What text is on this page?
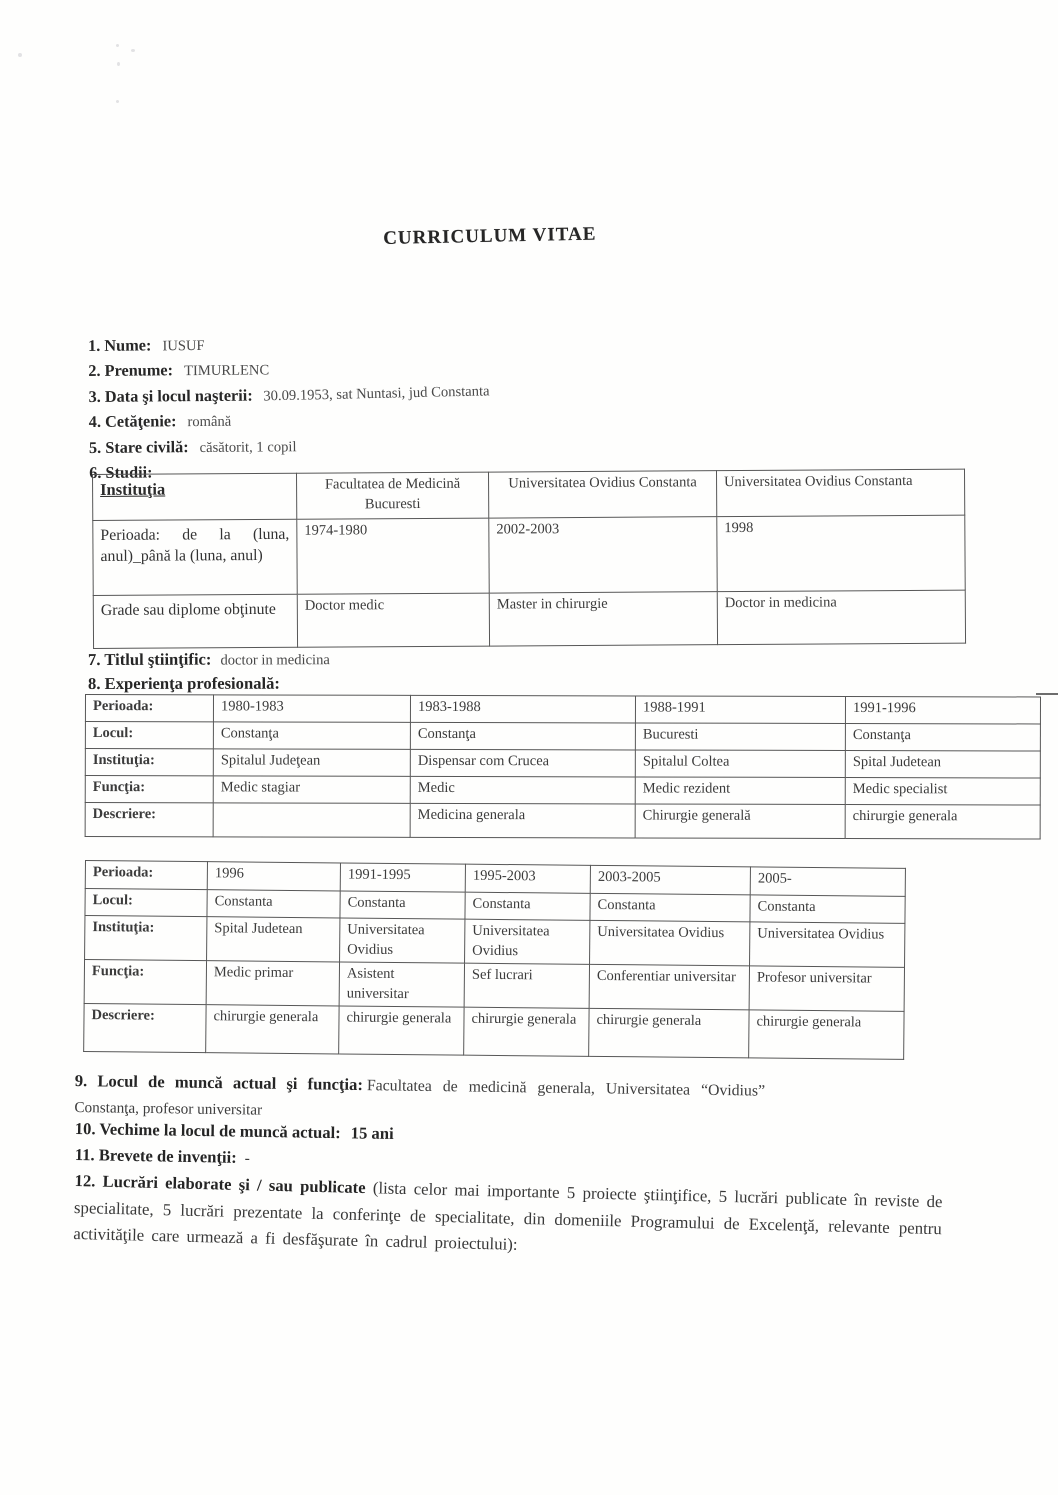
CURRICULUM VITAE
1. Nume: IUSUF
2. Prenume: TIMURLENC
3. Data şi locul naşterii: 30.09.1953, sat Nuntasi, jud Constanta
4. Cetăţenie: română
5. Stare civilă: căsătorit, 1 copil
6. Studii:
Instituţia	Facultatea de Medicină Bucuresti	Universitatea Ovidius Constanta	Universitatea Ovidius Constanta
Perioada: de la (luna, anul)_până la (luna, anul)	1974-1980	2002-2003	1998
Grade sau diplome obţinute	Doctor medic	Master in chirurgie	Doctor in medicina

7. Titlul ştiinţific: doctor in medicina

8. Experienţa profesională:

Perioada:	1980-1983	1983-1988	1988-1991	1991-1996
Locul:	Constanţa	Constanţa	Bucuresti	Constanţa
Instituţia:	Spitalul Judeţean	Dispensar com Crucea	Spitalul Coltea	Spital Judetean
Funcţia:	Medic stagiar	Medic	Medic rezident	Medic specialist
Descriere:		Medicina generala	Chirurgie generală	chirurgie generala
Perioada:	1996	1991-1995	1995-2003	2003-2005	2005-
Locul:	Constanta	Constanta	Constanta	Constanta	Constanta
Instituţia:	Spital Judetean	Universitatea Ovidius	Universitatea Ovidius	Universitatea Ovidius	Universitatea Ovidius
Funcţia:	Medic primar	Asistent universitar	Sef lucrari	Conferentiar universitar	Profesor universitar
Descriere:	chirurgie generala	chirurgie generala	chirurgie generala	chirurgie generala	chirurgie generala

9. Locul de muncă actual şi funcţia: Facultatea de medicină generala, Universitatea “Ovidius”
Constanţa, profesor universitar

10. Vechime la locul de muncă actual: 15 ani

11. Brevete de invenţii: -

12. Lucrări elaborate şi / sau publicate (lista celor mai importante 5 proiecte ştiinţifice, 5 lucrări publicate în reviste de specialitate, 5 lucrări prezentate la conferinţe de specialitate, din domeniile Programului de Excelenţă, relevante pentru activităţile care urmează a fi desfăşurate în cadrul proiectului):
